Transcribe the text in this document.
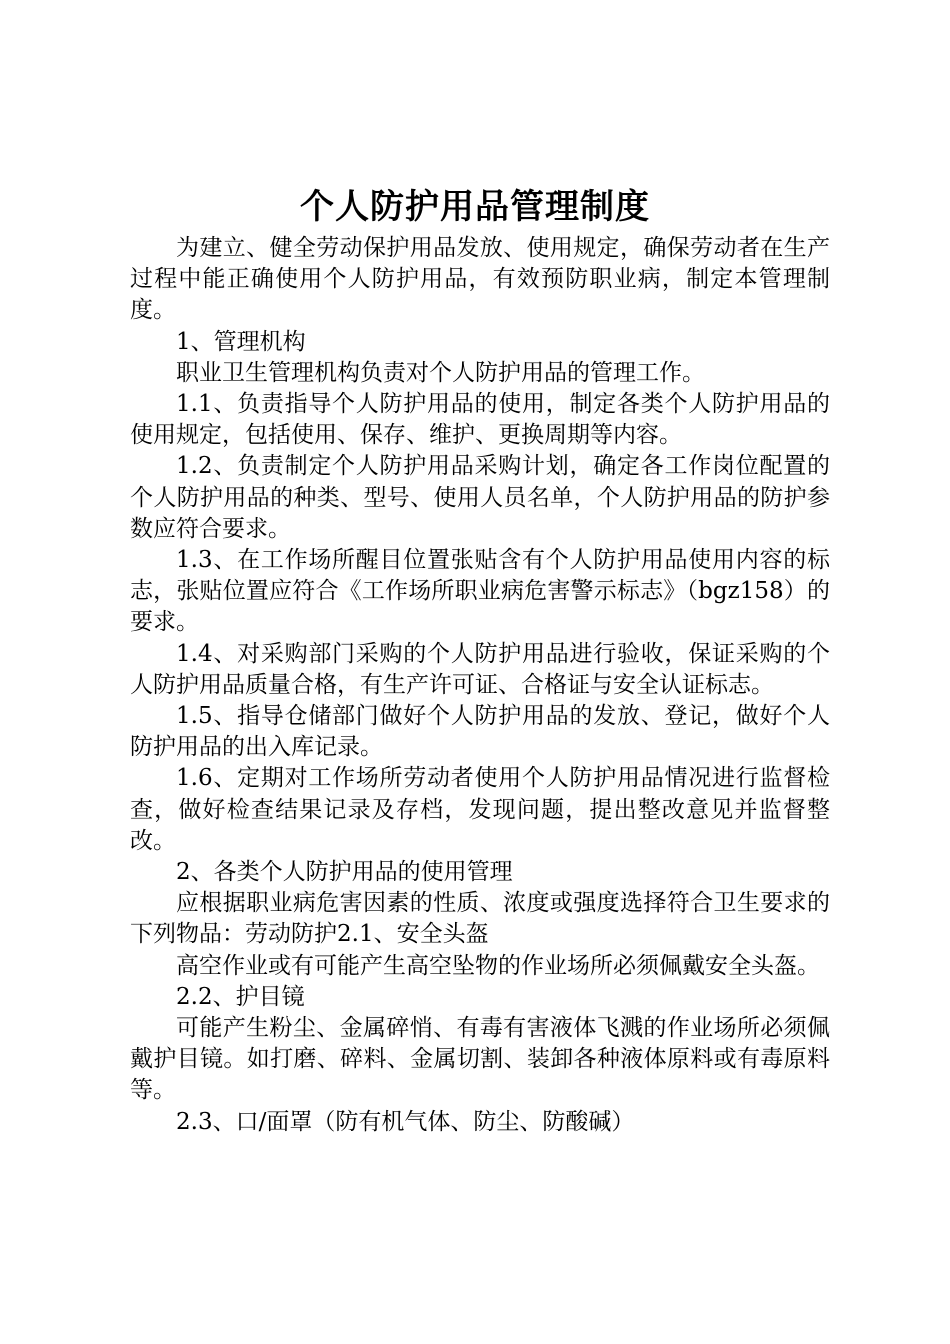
个人防护用品管理制度

为建立、健全劳动保护用品发放、使用规定，确保劳动者在生产过程中能正确使用个人防护用品，有效预防职业病，制定本管理制度。

1、管理机构

职业卫生管理机构负责对个人防护用品的管理工作。

1.1、负责指导个人防护用品的使用，制定各类个人防护用品的使用规定，包括使用、保存、维护、更换周期等内容。

1.2、负责制定个人防护用品采购计划，确定各工作岗位配置的个人防护用品的种类、型号、使用人员名单，个人防护用品的防护参数应符合要求。

1.3、在工作场所醒目位置张贴含有个人防护用品使用内容的标志，张贴位置应符合《工作场所职业病危害警示标志》（bgz158）的要求。

1.4、对采购部门采购的个人防护用品进行验收，保证采购的个人防护用品质量合格，有生产许可证、合格证与安全认证标志。

1.5、指导仓储部门做好个人防护用品的发放、登记，做好个人防护用品的出入库记录。

1.6、定期对工作场所劳动者使用个人防护用品情况进行监督检查，做好检查结果记录及存档，发现问题，提出整改意见并监督整改。

2、各类个人防护用品的使用管理

应根据职业病危害因素的性质、浓度或强度选择符合卫生要求的下列物品：劳动防护2.1、安全头盔

高空作业或有可能产生高空坠物的作业场所必须佩戴安全头盔。

2.2、护目镜

可能产生粉尘、金属碎悄、有毒有害液体飞溅的作业场所必须佩戴护目镜。如打磨、碎料、金属切割、装卸各种液体原料或有毒原料等。

2.3、口/面罩（防有机气体、防尘、防酸碱）
